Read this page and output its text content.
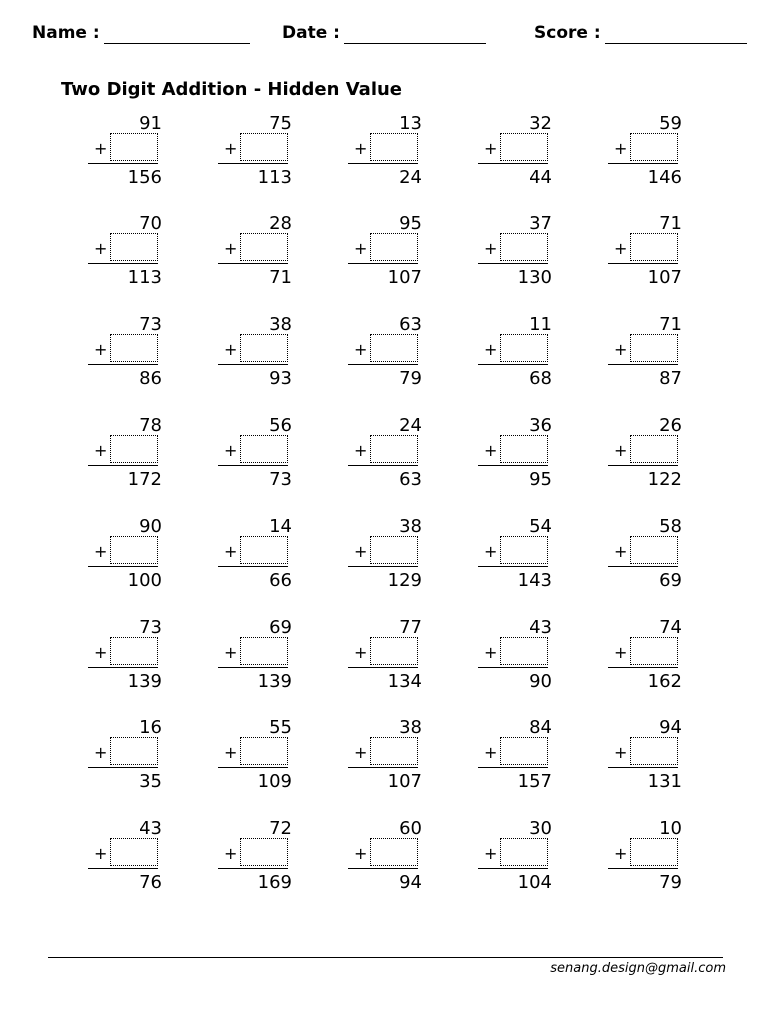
Name :	Date :	Score :
Two Digit Addition - Hidden Value
91
+
156
75
+
113
13
+
24
32
+
44
59
+
146
70
+
113
28
+
71
95
+
107
37
+
130
71
+
107
73
+
86
38
+
93
63
+
79
11
+
68
71
+
87
78
+
172
56
+
73
24
+
63
36
+
95
26
+
122
90
+
100
14
+
66
38
+
129
54
+
143
58
+
69
73
+
139
69
+
139
77
+
134
43
+
90
74
+
162
16
+
35
55
+
109
38
+
107
84
+
157
94
+
131
43
+
76
72
+
169
60
+
94
30
+
104
10
+
79
senang.design@gmail.com
